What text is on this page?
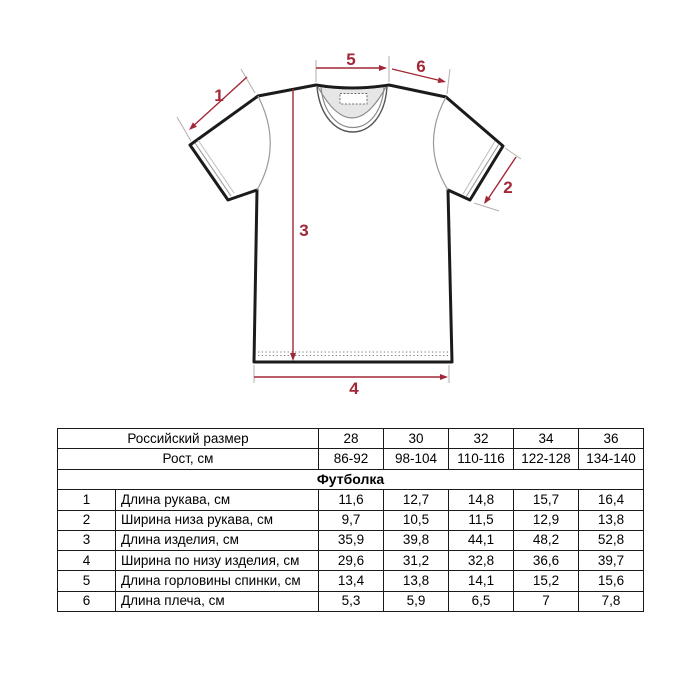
1
2
3
4
5	6
Российский размер		28	30	32	34	36
Рост, см		86-92	98-104	110-116	122-128	134-140
Футболка						
1	Длина рукава, см	11,6	12,7	14,8	15,7	16,4
2	Ширина низа рукава, см	9,7	10,5	11,5	12,9	13,8
3	Длина изделия, см	35,9	39,8	44,1	48,2	52,8
4	Ширина по низу изделия, см	29,6	31,2	32,8	36,6	39,7
5	Длина горловины спинки, см	13,4	13,8	14,1	15,2	15,6
6	Длина плеча, см	5,3	5,9	6,5	7	7,8
